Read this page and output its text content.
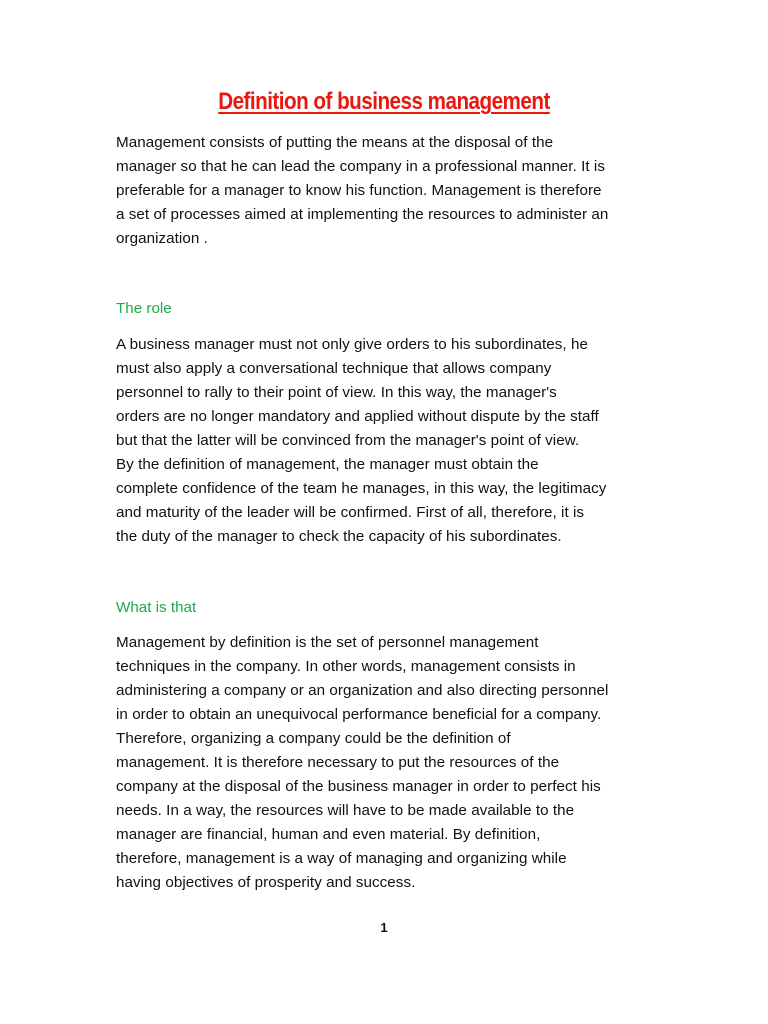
Definition of business management

Management consists of putting the means at the disposal of the
manager so that he can lead the company in a professional manner. It is
preferable for a manager to know his function. Management is therefore
a set of processes aimed at implementing the resources to administer an
organization .

The role

A business manager must not only give orders to his subordinates, he
must also apply a conversational technique that allows company
personnel to rally to their point of view. In this way, the manager's
orders are no longer mandatory and applied without dispute by the staff
but that the latter will be convinced from the manager's point of view.
By the definition of management, the manager must obtain the
complete confidence of the team he manages, in this way, the legitimacy
and maturity of the leader will be confirmed. First of all, therefore, it is
the duty of the manager to check the capacity of his subordinates.

What is that

Management by definition is the set of personnel management
techniques in the company. In other words, management consists in
administering a company or an organization and also directing personnel
in order to obtain an unequivocal performance beneficial for a company.
Therefore, organizing a company could be the definition of
management. It is therefore necessary to put the resources of the
company at the disposal of the business manager in order to perfect his
needs. In a way, the resources will have to be made available to the
manager are financial, human and even material. By definition,
therefore, management is a way of managing and organizing while
having objectives of prosperity and success.

1
